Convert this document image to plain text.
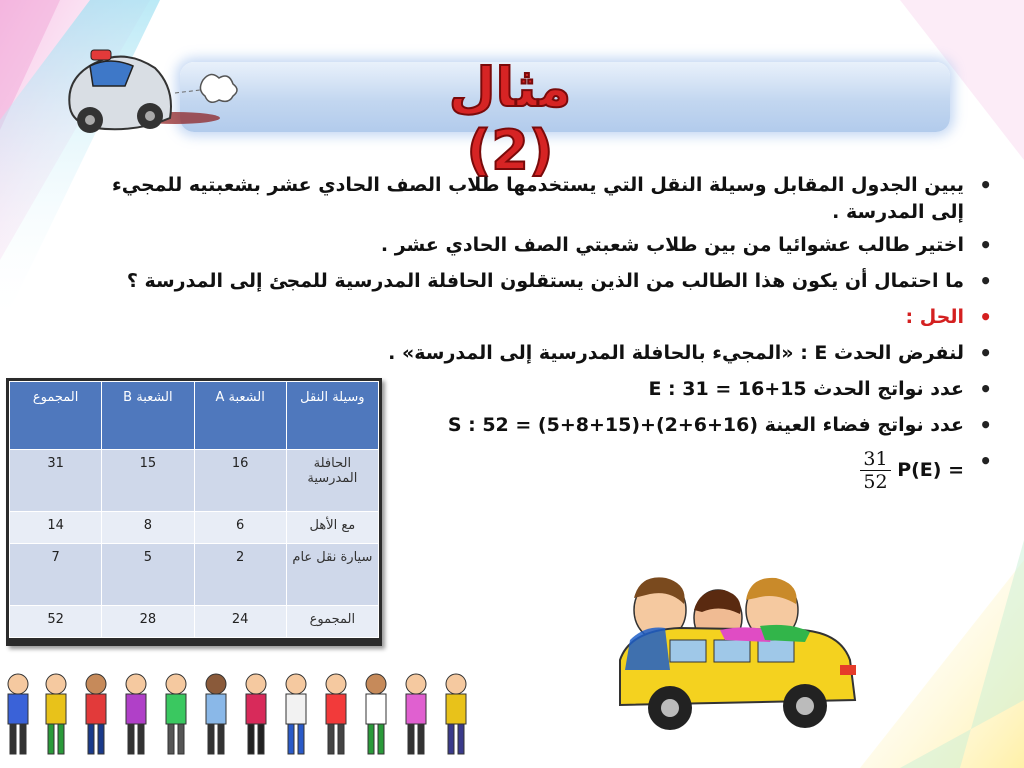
مثال (2)
• يبين الجدول المقابل وسيلة النقل التي يستخدمها طلاب الصف الحادي عشر بشعبتيه للمجيء إلى المدرسة .
• اختير طالب عشوائيا من بين طلاب شعبتي الصف الحادي عشر .
• ما احتمال أن يكون هذا الطالب من الذين يستقلون الحافلة المدرسية للمجئ إلى المدرسة ؟
• الحل :
• لنفرض الحدث E : «المجيء بالحافلة المدرسية إلى المدرسة» .
• عدد نواتج الحدث E : 31 = 16+15
• عدد نواتج فضاء العينة S : 52 = (5+8+15)+(2+6+16)
• P(E) =
$\frac{31}{52}$
وسيلة النقل	الشعبة A	الشعبة B	المجموع
الحافلة المدرسية	16	15	31
مع الأهل	6	8	14
سيارة نقل عام	2	5	7
المجموع	24	28	52
